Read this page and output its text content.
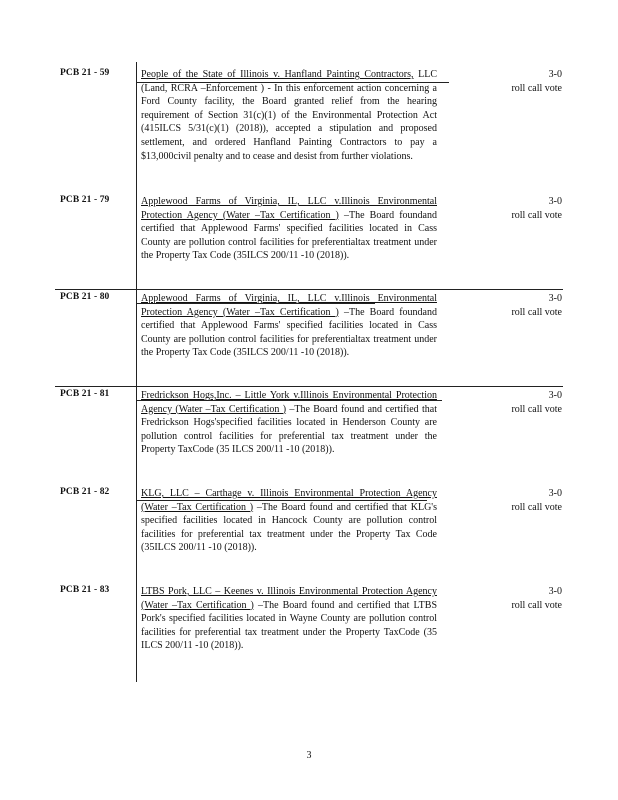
PCB 21 - 59	People of the State of Illinois v. Hanfland Painting Contractors, LLC (Land, RCRA –Enforcement ) - In this enforcement action concerning a Ford County facility, the Board granted relief from the hearing requirement of Section 31(c)(1) of the Environmental Protection Act (415ILCS 5/31(c)(1) (2018)), accepted a stipulation and proposed settlement, and ordered Hanfland Painting Contractors to pay a $13,000civil penalty and to cease and desist from further violations.
3-0
roll call vote
PCB 21 - 79	Applewood Farms of Virginia, IL, LLC v.Illinois Environmental Protection Agency (Water –Tax Certification ) –The Board foundand certified that Applewood Farms' specified facilities located in Cass County are pollution control facilities for preferentialtax treatment under the Property Tax Code (35ILCS 200/11 -10 (2018)).
3-0
roll call vote
PCB 21 - 80	Applewood Farms of Virginia, IL, LLC v.Illinois Environmental Protection Agency (Water –Tax Certification ) –The Board foundand certified that Applewood Farms' specified facilities located in Cass County are pollution control facilities for preferentialtax treatment under the Property Tax Code (35ILCS 200/11 -10 (2018)).
3-0
roll call vote
PCB 21 - 81	Fredrickson Hogs,Inc. – Little York v.Illinois Environmental Protection Agency (Water –Tax Certification ) –The Board found and certified that Fredrickson Hogs'specified facilities located in Henderson County are pollution control facilities for preferential tax treatment under the Property TaxCode (35 ILCS 200/11 -10 (2018)).
3-0
roll call vote
PCB 21 - 82	KLG, LLC – Carthage v. Illinois Environmental Protection Agency (Water –Tax Certification ) –The Board found and certified that KLG's specified facilities located in Hancock County are pollution control facilities for preferential tax treatment under the Property Tax Code (35ILCS 200/11 -10 (2018)).
3-0
roll call vote
PCB 21 - 83	LTBS Pork, LLC – Keenes v. Illinois Environmental Protection Agency (Water –Tax Certification ) –The Board found and certified that LTBS Pork's specified facilities located in Wayne County are pollution control facilities for preferential tax treatment under the Property TaxCode (35 ILCS 200/11 -10 (2018)).
3-0
roll call vote
3
